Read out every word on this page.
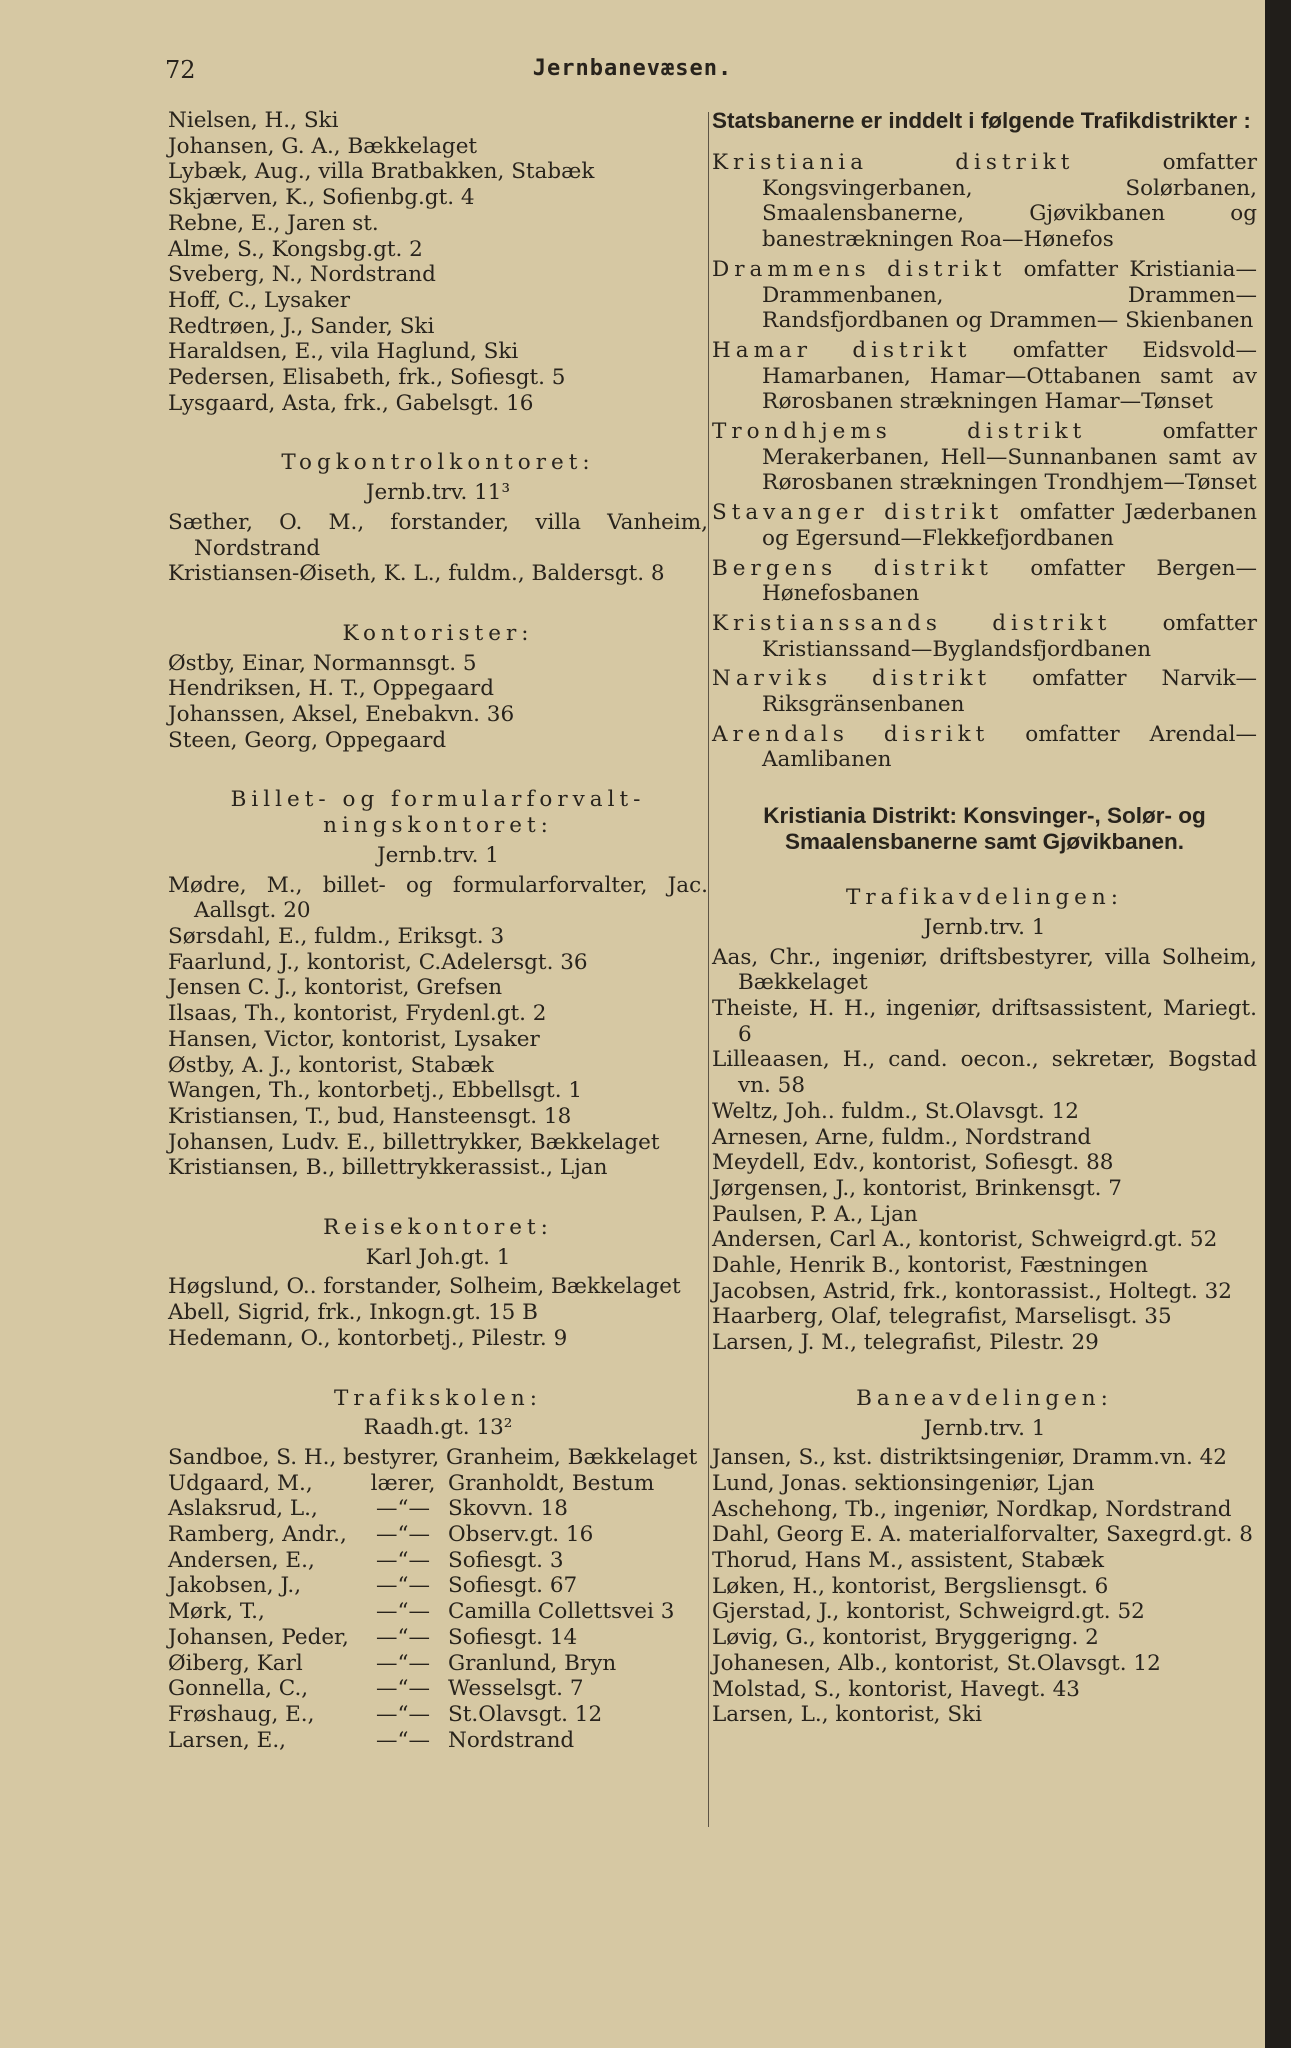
72	Jernbanevæsen.
Nielsen, H., Ski
Johansen, G. A., Bækkelaget
Lybæk, Aug., villa Bratbakken, Stabæk
Skjærven, K., Sofienbg.gt. 4
Rebne, E., Jaren st.
Alme, S., Kongsbg.gt. 2
Sveberg, N., Nordstrand
Hoff, C., Lysaker
Redtrøen, J., Sander, Ski
Haraldsen, E., vila Haglund, Ski
Pedersen, Elisabeth, frk., Sofiesgt. 5
Lysgaard, Asta, frk., Gabelsgt. 16
Togkontrolkontoret:
Jernb.trv. 11³
Sæther, O. M., forstander, villa Vanheim, Nordstrand
Kristiansen-Øiseth, K. L., fuldm., Baldersgt. 8
Kontorister:
Østby, Einar, Normannsgt. 5
Hendriksen, H. T., Oppegaard
Johanssen, Aksel, Enebakvn. 36
Steen, Georg, Oppegaard
Billet- og formularforvalt-
ningskontoret:
Jernb.trv. 1
Mødre, M., billet- og formularforvalter, Jac. Aallsgt. 20
Sørsdahl, E., fuldm., Eriksgt. 3
Faarlund, J., kontorist, C.Adelersgt. 36
Jensen C. J., kontorist, Grefsen
Ilsaas, Th., kontorist, Frydenl.gt. 2
Hansen, Victor, kontorist, Lysaker
Østby, A. J., kontorist, Stabæk
Wangen, Th., kontorbetj., Ebbellsgt. 1
Kristiansen, T., bud, Hansteensgt. 18
Johansen, Ludv. E., billettrykker, Bækkelaget
Kristiansen, B., billettrykkerassist., Ljan
Reisekontoret:
Karl Joh.gt. 1
Høgslund, O.. forstander, Solheim, Bækkelaget
Abell, Sigrid, frk., Inkogn.gt. 15 B
Hedemann, O., kontorbetj., Pilestr. 9
Trafikskolen:
Raadh.gt. 13²
Sandboe, S. H., bestyrer, Granheim, Bækkelaget
Udgaard, M.,	lærer,	Granholdt, Bestum
Aslaksrud, L.,	—“—	Skovvn. 18
Ramberg, Andr.,	—“—	Observ.gt. 16
Andersen, E.,	—“—	Sofiesgt. 3
Jakobsen, J.,	—“—	Sofiesgt. 67
Mørk, T.,	—“—	Camilla Collettsvei 3
Johansen, Peder,	—“—	Sofiesgt. 14
Øiberg, Karl	—“—	Granlund, Bryn
Gonnella, C.,	—“—	Wesselsgt. 7
Frøshaug, E.,	—“—	St.Olavsgt. 12
Larsen, E.,	—“—	Nordstrand
Statsbanerne er inddelt i følgende Trafikdistrikter :
Kristiania distrikt	omfatter Kongsvingerbanen, Solørbanen, Smaalensbanerne, Gjøvikbanen og banestrækningen Roa—Hønefos
Drammens distrikt omfatter Kristiania—Drammenbanen, Drammen—Randsfjordbanen og Drammen— Skienbanen
Hamar distrikt omfatter Eidsvold—Hamarbanen, Hamar—Ottabanen samt av Rørosbanen strækningen Hamar—Tønset
Trondhjems distrikt	omfatter Merakerbanen, Hell—Sunnanbanen samt av Rørosbanen strækningen Trondhjem—Tønset
Stavanger distrikt omfatter Jæderbanen og Egersund—Flekkefjordbanen
Bergens distrikt omfatter Bergen—Hønefosbanen
Kristianssands distrikt omfatter Kristianssand—Byglandsfjordbanen
Narviks distrikt omfatter Narvik—Riksgränsenbanen
Arendals disrikt omfatter Arendal—Aamlibanen
Kristiania Distrikt: Konsvinger-, Solør- og
Smaalensbanerne samt Gjøvikbanen.
Trafikavdelingen:
Jernb.trv. 1
Aas, Chr., ingeniør, driftsbestyrer, villa Solheim, Bækkelaget
Theiste, H. H., ingeniør, driftsassistent, Mariegt. 6
Lilleaasen, H., cand. oecon., sekretær, Bogstad vn. 58
Weltz, Joh.. fuldm., St.Olavsgt. 12
Arnesen, Arne, fuldm., Nordstrand
Meydell, Edv., kontorist, Sofiesgt. 88
Jørgensen, J., kontorist, Brinkensgt. 7
Paulsen, P. A., Ljan
Andersen, Carl A., kontorist, Schweigrd.gt. 52
Dahle, Henrik B., kontorist, Fæstningen
Jacobsen, Astrid, frk., kontorassist., Holtegt. 32
Haarberg, Olaf, telegrafist, Marselisgt. 35
Larsen, J. M., telegrafist, Pilestr. 29
Baneavdelingen:
Jernb.trv. 1
Jansen, S., kst. distriktsingeniør, Dramm.vn. 42
Lund, Jonas. sektionsingeniør, Ljan
Aschehong, Tb., ingeniør, Nordkap, Nordstrand
Dahl, Georg E. A. materialforvalter, Saxegrd.gt. 8
Thorud, Hans M., assistent, Stabæk
Løken, H., kontorist, Bergsliensgt. 6
Gjerstad, J., kontorist, Schweigrd.gt. 52
Løvig, G., kontorist, Bryggerigng. 2
Johanesen, Alb., kontorist, St.Olavsgt. 12
Molstad, S., kontorist, Havegt. 43
Larsen, L., kontorist, Ski
